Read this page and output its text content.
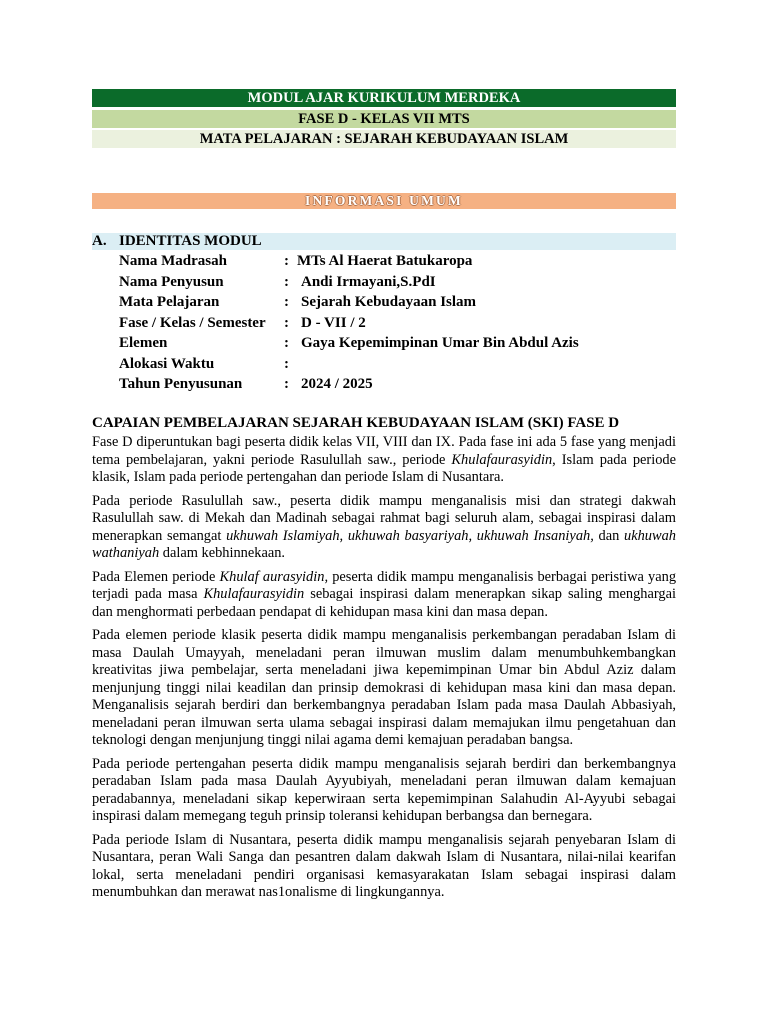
MODUL AJAR KURIKULUM MERDEKA
FASE D - KELAS VII MTS
MATA PELAJARAN : SEJARAH KEBUDAYAAN ISLAM
INFORMASI UMUM
A. IDENTITAS MODUL
Nama Madrasah	: MTs Al Haerat Batukaropa
Nama Penyusun	: Andi Irmayani,S.PdI
Mata Pelajaran	: Sejarah Kebudayaan Islam
Fase / Kelas / Semester : D - VII / 2
Elemen	: Gaya Kepemimpinan Umar Bin Abdul Azis
Alokasi Waktu	:
Tahun Penyusunan	: 2024 / 2025
CAPAIAN PEMBELAJARAN SEJARAH KEBUDAYAAN ISLAM (SKI) FASE D

Fase D diperuntukan bagi peserta didik kelas VII, VIII dan IX. Pada fase ini ada 5 fase yang menjadi tema pembelajaran, yakni periode Rasulullah saw., periode Khulafaurasyidin, Islam pada periode klasik, Islam pada periode pertengahan dan periode Islam di Nusantara.

Pada periode Rasulullah saw., peserta didik mampu menganalisis misi dan strategi dakwah Rasulullah saw. di Mekah dan Madinah sebagai rahmat bagi seluruh alam, sebagai inspirasi dalam menerapkan semangat ukhuwah Islamiyah, ukhuwah basyariyah, ukhuwah Insaniyah, dan ukhuwah wathaniyah dalam kebhinnekaan.

Pada Elemen periode Khulaf aurasyidin, peserta didik mampu menganalisis berbagai peristiwa yang terjadi pada masa Khulafaurasyidin sebagai inspirasi dalam menerapkan sikap saling menghargai dan menghormati perbedaan pendapat di kehidupan masa kini dan masa depan.

Pada elemen periode klasik peserta didik mampu menganalisis perkembangan peradaban Islam di masa Daulah Umayyah, meneladani peran ilmuwan muslim dalam menumbuhkembangkan kreativitas jiwa pembelajar, serta meneladani jiwa kepemimpinan Umar bin Abdul Aziz dalam menjunjung tinggi nilai keadilan dan prinsip demokrasi di kehidupan masa kini dan masa depan. Menganalisis sejarah berdiri dan berkembangnya peradaban Islam pada masa Daulah Abbasiyah, meneladani peran ilmuwan serta ulama sebagai inspirasi dalam memajukan ilmu pengetahuan dan teknologi dengan menjunjung tinggi nilai agama demi kemajuan peradaban bangsa.

Pada periode pertengahan peserta didik mampu menganalisis sejarah berdiri dan berkembangnya peradaban Islam pada masa Daulah Ayyubiyah, meneladani peran ilmuwan dalam kemajuan peradabannya, meneladani sikap keperwiraan serta kepemimpinan Salahudin Al-Ayyubi sebagai inspirasi dalam memegang teguh prinsip toleransi kehidupan berbangsa dan bernegara.

Pada periode Islam di Nusantara, peserta didik mampu menganalisis sejarah penyebaran Islam di Nusantara, peran Wali Sanga dan pesantren dalam dakwah Islam di Nusantara, nilai-nilai kearifan lokal, serta meneladani pendiri organisasi kemasyarakatan Islam sebagai inspirasi dalam menumbuhkan dan merawat nas1onalisme di lingkungannya.
